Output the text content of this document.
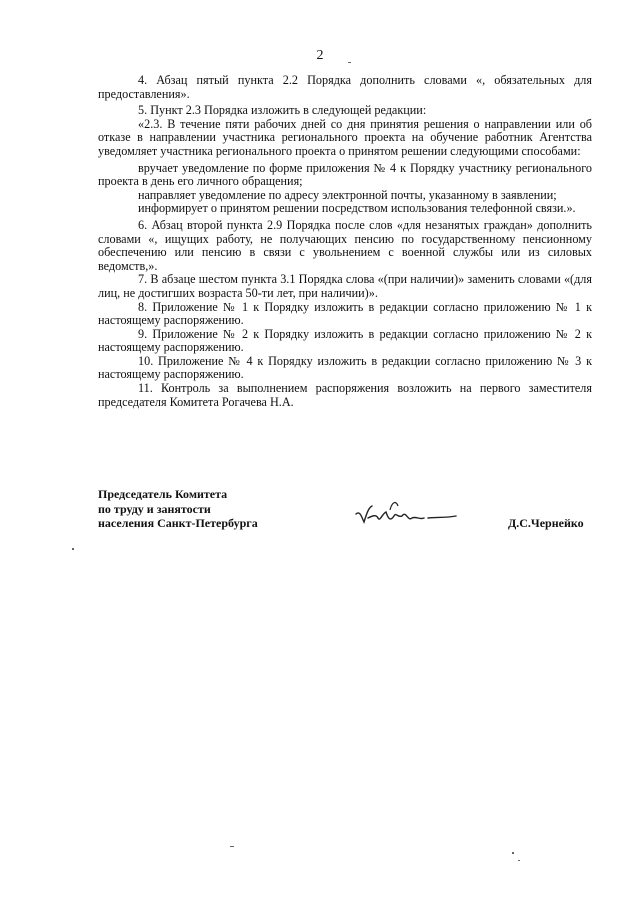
2

4. Абзац пятый пункта 2.2 Порядка дополнить словами «, обязательных для предоставления».

5. Пункт 2.3 Порядка изложить в следующей редакции:

«2.3. В течение пяти рабочих дней со дня принятия решения о направлении или об отказе в направлении участника регионального проекта на обучение работник Агентства уведомляет участника регионального проекта о принятом решении следующими способами:

вручает уведомление по форме приложения № 4 к Порядку участнику регионального проекта в день его личного обращения;

направляет уведомление по адресу электронной почты, указанному в заявлении;

информирует о принятом решении посредством использования телефонной связи.».

6. Абзац второй пункта 2.9 Порядка после слов «для незанятых граждан» дополнить словами «, ищущих работу, не получающих пенсию по государственному пенсионному обеспечению или пенсию в связи с увольнением с военной службы или из силовых ведомств,».

7. В абзаце шестом пункта 3.1 Порядка слова «(при наличии)» заменить словами «(для лиц, не достигших возраста 50-ти лет, при наличии)».

8. Приложение № 1 к Порядку изложить в редакции согласно приложению № 1 к настоящему распоряжению.

9. Приложение № 2 к Порядку изложить в редакции согласно приложению № 2 к настоящему распоряжению.

10. Приложение № 4 к Порядку изложить в редакции согласно приложению № 3 к настоящему распоряжению.

11. Контроль за выполнением распоряжения возложить на первого заместителя председателя Комитета Рогачева Н.А.

Председатель Комитета
по труду и занятости
населения Санкт-Петербурга	Д.С.Чернейко
